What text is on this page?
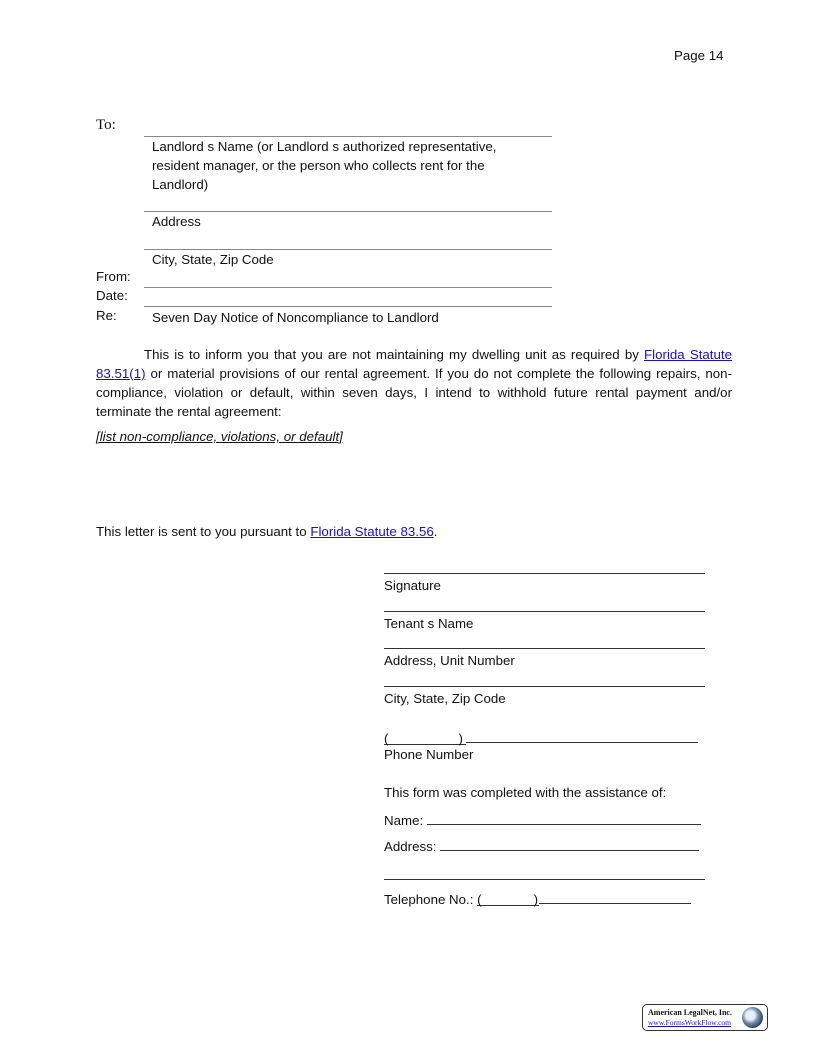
Page 14
To:
Landlord s Name (or Landlord s authorized representative,
resident manager, or the person who collects rent for the
Landlord)
Address
City, State, Zip Code
From:
Date:
Re:	Seven Day Notice of Noncompliance to Landlord
This is to inform you that you are not maintaining my dwelling unit as required by Florida Statute 83.51(1) or material provisions of our rental agreement. If you do not complete the following repairs, non-compliance, violation or default, within seven days, I intend to withhold future rental payment and/or terminate the rental agreement:
[list non-compliance, violations, or default]
This letter is sent to you pursuant to Florida Statute 83.56.
Signature
Tenant s Name
Address, Unit Number
City, State, Zip Code
(	)
Phone Number
This form was completed with the assistance of:
Name:
Address:
Telephone No.: (	)
American LegalNet, Inc.
www.FormsWorkFlow.com
